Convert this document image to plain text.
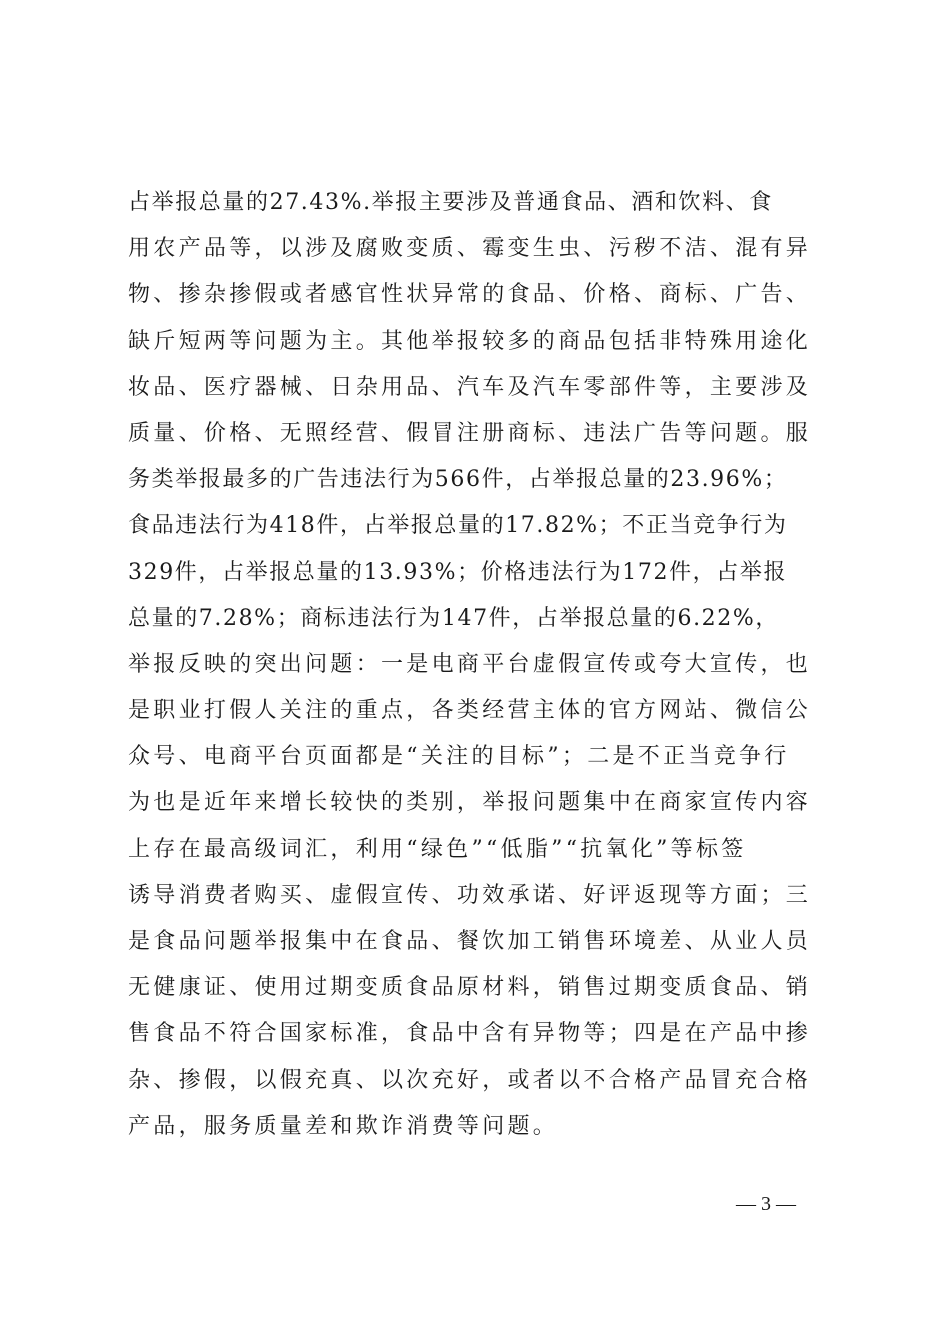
占举报总量的27.43%.举报主要涉及普通食品、酒和饮料、食
用农产品等，以涉及腐败变质、霉变生虫、污秽不洁、混有异
物、掺杂掺假或者感官性状异常的食品、价格、商标、广告、
缺斤短两等问题为主。其他举报较多的商品包括非特殊用途化
妆品、医疗器械、日杂用品、汽车及汽车零部件等，主要涉及
质量、价格、无照经营、假冒注册商标、违法广告等问题。服
务类举报最多的广告违法行为566件，占举报总量的23.96%；
食品违法行为418件，占举报总量的17.82%；不正当竞争行为
329件，占举报总量的13.93%；价格违法行为172件，占举报
总量的7.28%；商标违法行为147件，占举报总量的6.22%，
举报反映的突出问题：一是电商平台虚假宣传或夸大宣传，也
是职业打假人关注的重点，各类经营主体的官方网站、微信公
众号、电商平台页面都是“关注的目标”；二是不正当竞争行
为也是近年来增长较快的类别，举报问题集中在商家宣传内容
上存在最高级词汇，利用“绿色”“低脂”“抗氧化”等标签
诱导消费者购买、虚假宣传、功效承诺、好评返现等方面；三
是食品问题举报集中在食品、餐饮加工销售环境差、从业人员
无健康证、使用过期变质食品原材料，销售过期变质食品、销
售食品不符合国家标准，食品中含有异物等；四是在产品中掺
杂、掺假，以假充真、以次充好，或者以不合格产品冒充合格
产品，服务质量差和欺诈消费等问题。
— 3 —
